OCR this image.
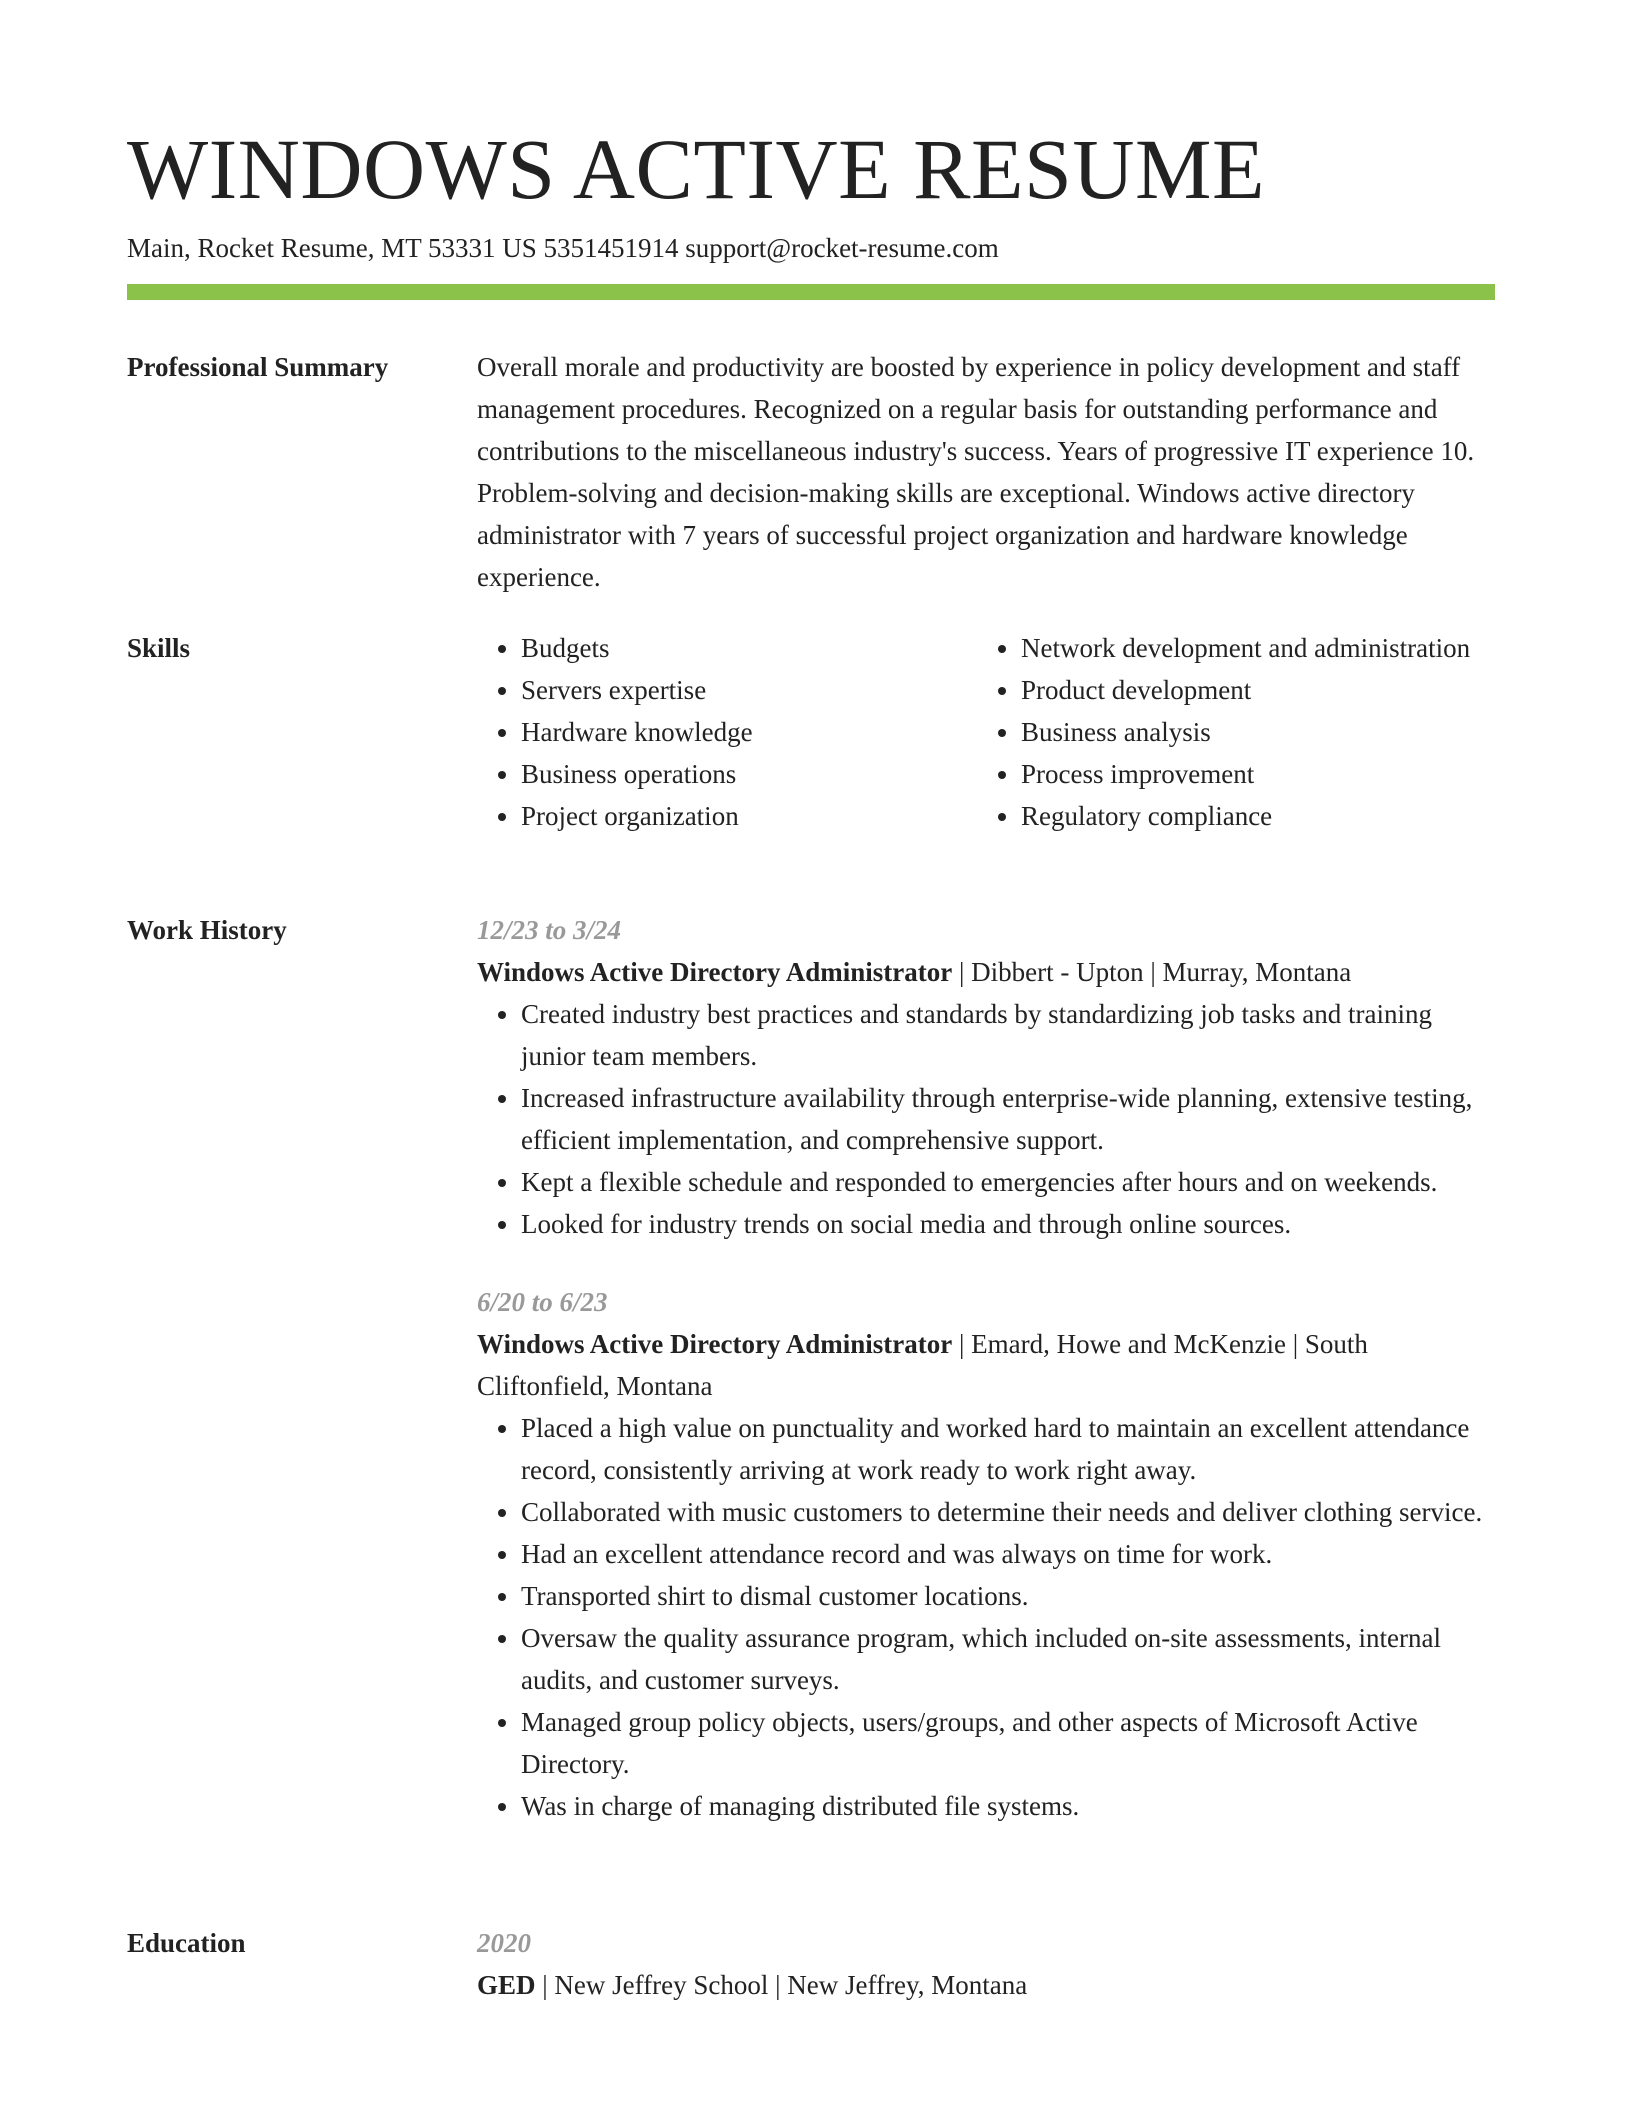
WINDOWS ACTIVE RESUME
Main, Rocket Resume, MT 53331 US 5351451914 support@rocket-resume.com
Professional Summary	Overall morale and productivity are boosted by experience in policy development and staff management procedures. Recognized on a regular basis for outstanding performance and contributions to the miscellaneous industry's success. Years of progressive IT experience 10. Problem-solving and decision-making skills are exceptional. Windows active directory administrator with 7 years of successful project organization and hardware knowledge experience.

Skills
•	Budgets
• Servers expertise
• Hardware knowledge
• Business operations
• Project organization
• Network development and administration
• Product development
• Business analysis
• Process improvement
• Regulatory compliance
Work History	12/23 to 3/24
Windows Active Directory Administrator | Dibbert - Upton | Murray, Montana
• Created industry best practices and standards by standardizing job tasks and training junior team members.
• Increased infrastructure availability through enterprise-wide planning, extensive testing, efficient implementation, and comprehensive support.
• Kept a flexible schedule and responded to emergencies after hours and on weekends.
• Looked for industry trends on social media and through online sources.
6/20 to 6/23
Windows Active Directory Administrator | Emard, Howe and McKenzie | South Cliftonfield, Montana
• Placed a high value on punctuality and worked hard to maintain an excellent attendance record, consistently arriving at work ready to work right away.
• Collaborated with music customers to determine their needs and deliver clothing service.
• Had an excellent attendance record and was always on time for work.
• Transported shirt to dismal customer locations.
• Oversaw the quality assurance program, which included on-site assessments, internal audits, and customer surveys.
• Managed group policy objects, users/groups, and other aspects of Microsoft Active Directory.
• Was in charge of managing distributed file systems.
Education	2020
GED | New Jeffrey School | New Jeffrey, Montana
